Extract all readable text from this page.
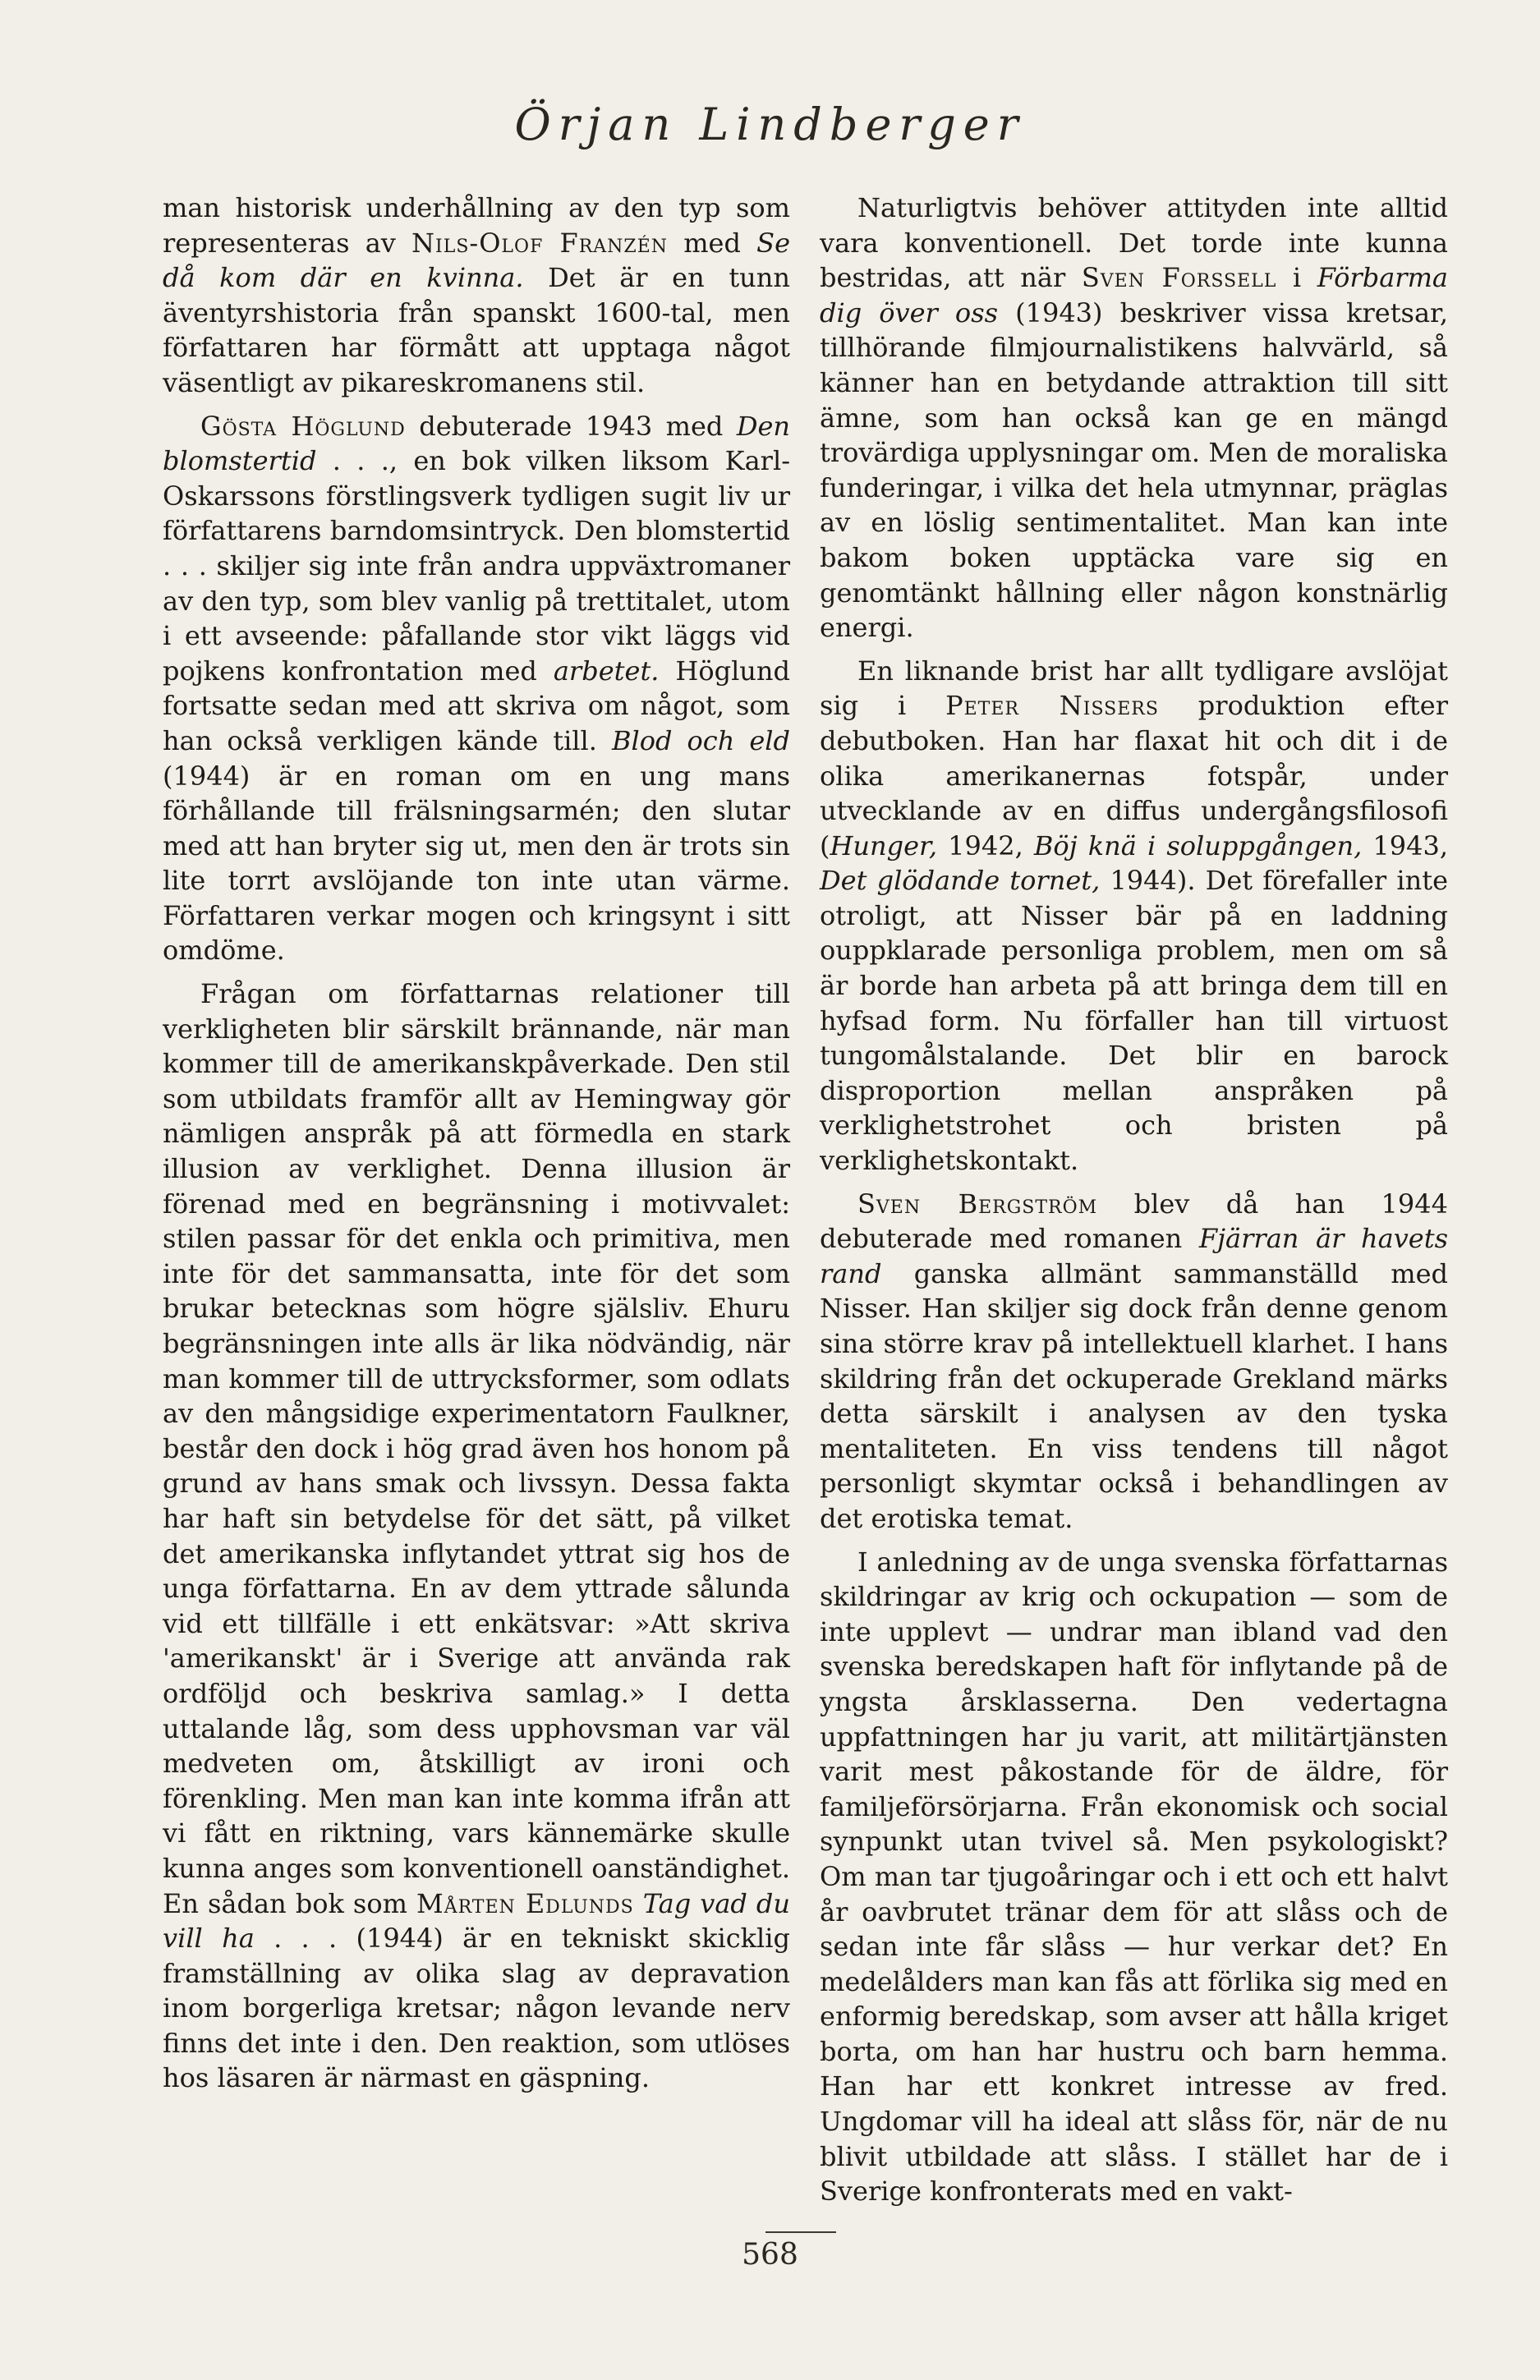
Örjan Lindberger

man historisk underhållning av den typ som representeras av Nils-Olof Franzén med Se då kom där en kvinna. Det är en tunn äventyrshistoria från spanskt 1600-tal, men författaren har förmått att upptaga något väsentligt av pikareskromanens stil.

Gösta Höglund debuterade 1943 med Den blomstertid . . ., en bok vilken liksom Karl-Oskarssons förstlingsverk tydligen sugit liv ur författarens barndomsintryck. Den blomstertid . . . skiljer sig inte från andra uppväxtromaner av den typ, som blev vanlig på trettitalet, utom i ett avseende: påfallande stor vikt läggs vid pojkens konfrontation med arbetet. Höglund fortsatte sedan med att skriva om något, som han också verkligen kände till. Blod och eld (1944) är en roman om en ung mans förhållande till frälsningsarmén; den slutar med att han bryter sig ut, men den är trots sin lite torrt avslöjande ton inte utan värme. Författaren verkar mogen och kringsynt i sitt omdöme.

Frågan om författarnas relationer till verkligheten blir särskilt brännande, när man kommer till de amerikanskpåverkade. Den stil som utbildats framför allt av Hemingway gör nämligen anspråk på att förmedla en stark illusion av verklighet. Denna illusion är förenad med en begränsning i motivvalet: stilen passar för det enkla och primitiva, men inte för det sammansatta, inte för det som brukar betecknas som högre själsliv. Ehuru begränsningen inte alls är lika nödvändig, när man kommer till de uttrycksformer, som odlats av den mångsidige experimentatorn Faulkner, består den dock i hög grad även hos honom på grund av hans smak och livssyn. Dessa fakta har haft sin betydelse för det sätt, på vilket det amerikanska inflytandet yttrat sig hos de unga författarna. En av dem yttrade sålunda vid ett tillfälle i ett enkätsvar: »Att skriva 'amerikanskt' är i Sverige att använda rak ordföljd och beskriva samlag.» I detta uttalande låg, som dess upphovsman var väl medveten om, åtskilligt av ironi och förenkling. Men man kan inte komma ifrån att vi fått en riktning, vars kännemärke skulle kunna anges som konventionell oanständighet. En sådan bok som Mårten Edlunds Tag vad du vill ha . . . (1944) är en tekniskt skicklig framställning av olika slag av depravation inom borgerliga kretsar; någon levande nerv finns det inte i den. Den reaktion, som utlöses hos läsaren är närmast en gäspning.

Naturligtvis behöver attityden inte alltid vara konventionell. Det torde inte kunna bestridas, att när Sven Forssell i Förbarma dig över oss (1943) beskriver vissa kretsar, tillhörande filmjournalistikens halvvärld, så känner han en betydande attraktion till sitt ämne, som han också kan ge en mängd trovärdiga upplysningar om. Men de moraliska funderingar, i vilka det hela utmynnar, präglas av en löslig sentimentalitet. Man kan inte bakom boken upptäcka vare sig en genomtänkt hållning eller någon konstnärlig energi.

En liknande brist har allt tydligare avslöjat sig i Peter Nissers produktion efter debutboken. Han har flaxat hit och dit i de olika amerikanernas fotspår, under utvecklande av en diffus undergångsfilosofi (Hunger, 1942, Böj knä i soluppgången, 1943, Det glödande tornet, 1944). Det förefaller inte otroligt, att Nisser bär på en laddning ouppklarade personliga problem, men om så är borde han arbeta på att bringa dem till en hyfsad form. Nu förfaller han till virtuost tungomålstalande. Det blir en barock disproportion mellan anspråken på verklighetstrohet och bristen på verklighetskontakt.

Sven Bergström blev då han 1944 debuterade med romanen Fjärran är havets rand ganska allmänt sammanställd med Nisser. Han skiljer sig dock från denne genom sina större krav på intellektuell klarhet. I hans skildring från det ockuperade Grekland märks detta särskilt i analysen av den tyska mentaliteten. En viss tendens till något personligt skymtar också i behandlingen av det erotiska temat.

I anledning av de unga svenska författarnas skildringar av krig och ockupation — som de inte upplevt — undrar man ibland vad den svenska beredskapen haft för inflytande på de yngsta årsklasserna. Den vedertagna uppfattningen har ju varit, att militärtjänsten varit mest påkostande för de äldre, för familjeförsörjarna. Från ekonomisk och social synpunkt utan tvivel så. Men psykologiskt? Om man tar tjugoåringar och i ett och ett halvt år oavbrutet tränar dem för att slåss och de sedan inte får slåss — hur verkar det? En medelålders man kan fås att förlika sig med en enformig beredskap, som avser att hålla kriget borta, om han har hustru och barn hemma. Han har ett konkret intresse av fred. Ungdomar vill ha ideal att slåss för, när de nu blivit utbildade att slåss. I stället har de i Sverige konfronterats med en vakt-

568
